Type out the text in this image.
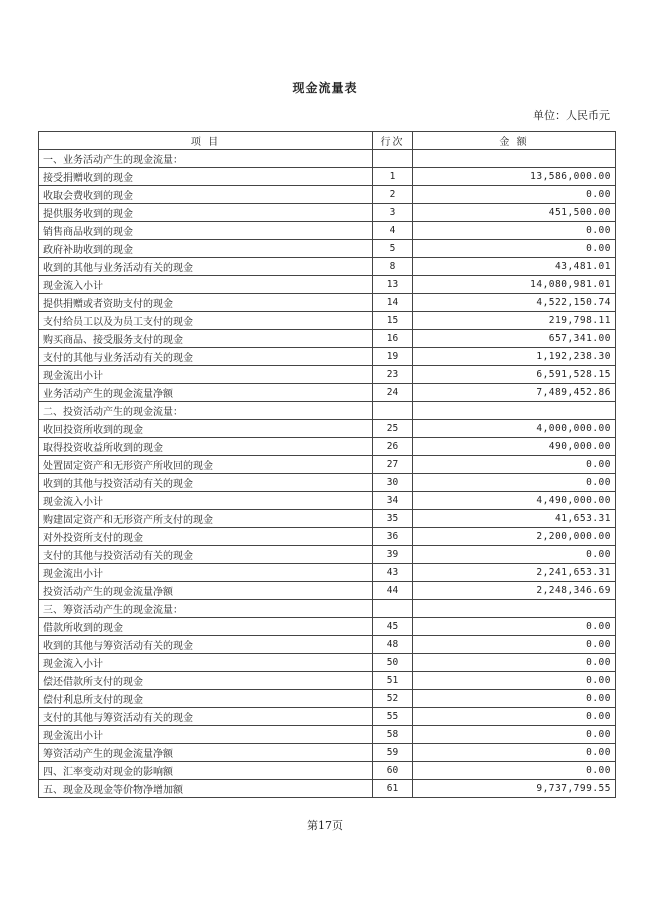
现金流量表
单位：人民币元
项 目	行次	金 额
一、业务活动产生的现金流量：		
接受捐赠收到的现金	1	13,586,000.00
收取会费收到的现金	2	0.00
提供服务收到的现金	3	451,500.00
销售商品收到的现金	4	0.00
政府补助收到的现金	5	0.00
收到的其他与业务活动有关的现金	8	43,481.01
现金流入小计	13	14,080,981.01
提供捐赠或者资助支付的现金	14	4,522,150.74
支付给员工以及为员工支付的现金	15	219,798.11
购买商品、接受服务支付的现金	16	657,341.00
支付的其他与业务活动有关的现金	19	1,192,238.30
现金流出小计	23	6,591,528.15
业务活动产生的现金流量净额	24	7,489,452.86
二、投资活动产生的现金流量：		
收回投资所收到的现金	25	4,000,000.00
取得投资收益所收到的现金	26	490,000.00
处置固定资产和无形资产所收回的现金	27	0.00
收到的其他与投资活动有关的现金	30	0.00
现金流入小计	34	4,490,000.00
购建固定资产和无形资产所支付的现金	35	41,653.31
对外投资所支付的现金	36	2,200,000.00
支付的其他与投资活动有关的现金	39	0.00
现金流出小计	43	2,241,653.31
投资活动产生的现金流量净额	44	2,248,346.69
三、筹资活动产生的现金流量：		
借款所收到的现金	45	0.00
收到的其他与筹资活动有关的现金	48	0.00
现金流入小计	50	0.00
偿还借款所支付的现金	51	0.00
偿付利息所支付的现金	52	0.00
支付的其他与筹资活动有关的现金	55	0.00
现金流出小计	58	0.00
筹资活动产生的现金流量净额	59	0.00
四、汇率变动对现金的影响额	60	0.00
五、现金及现金等价物净增加额	61	9,737,799.55
第17页
